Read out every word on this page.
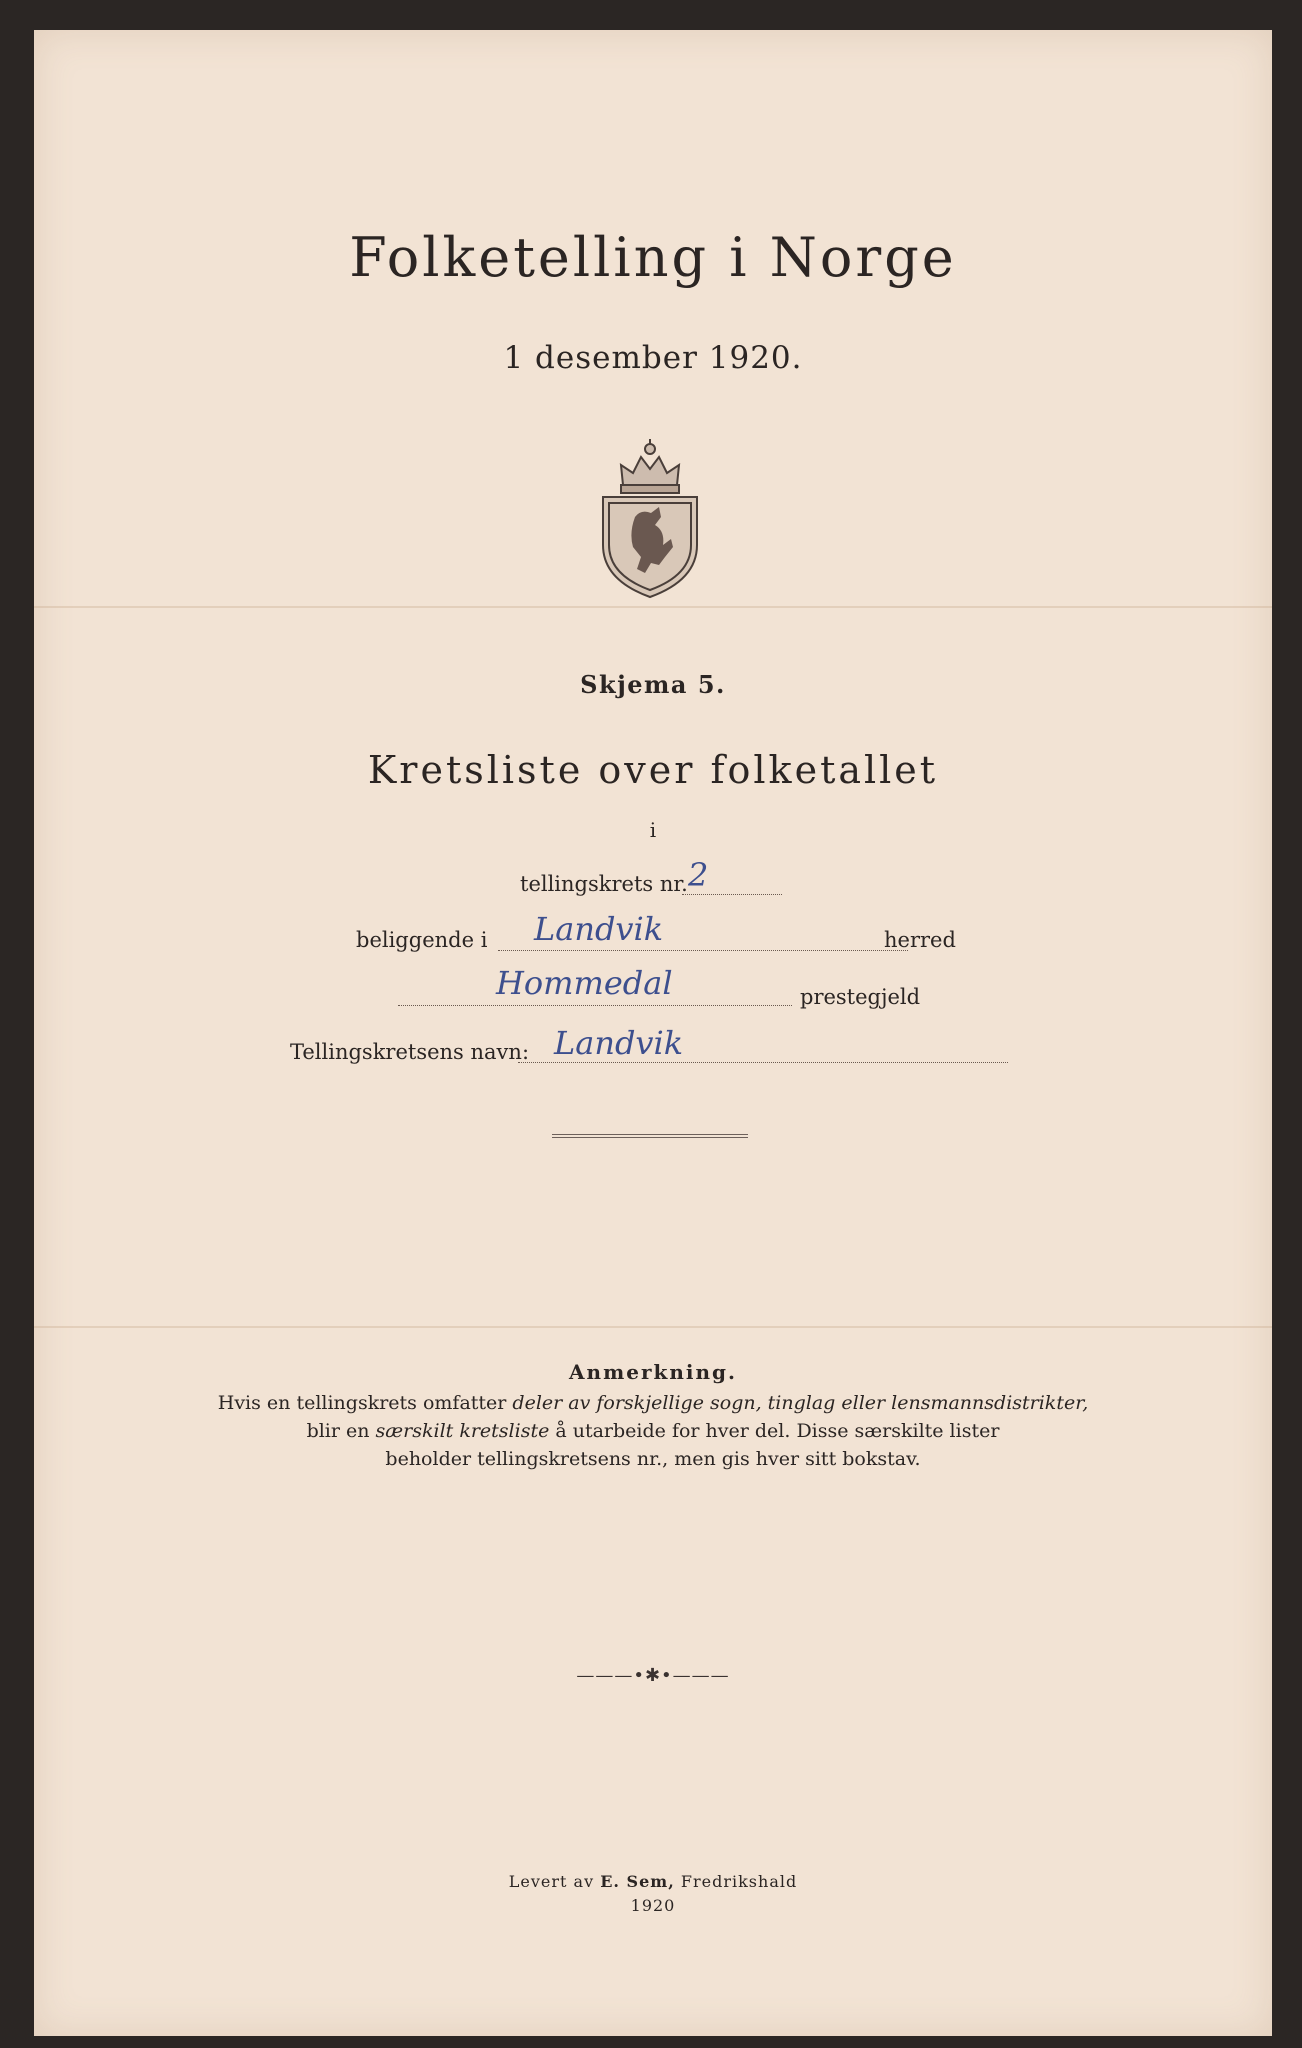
Folketelling i Norge
1 desember 1920.
Skjema 5.
Kretsliste over folketallet
i
tellingskrets nr. 2
beliggende i Landvik	herred
Hommedal	prestegjeld
Tellingskretsens navn: Landvik
Anmerkning.
Hvis en tellingskrets omfatter deler av forskjellige sogn, tinglag eller lensmannsdistrikter,
blir en særskilt kretsliste å utarbeide for hver del. Disse særskilte lister
beholder tellingskretsens nr., men gis hver sitt bokstav.
———•✱•———
Levert av E. Sem, Fredrikshald
1920
